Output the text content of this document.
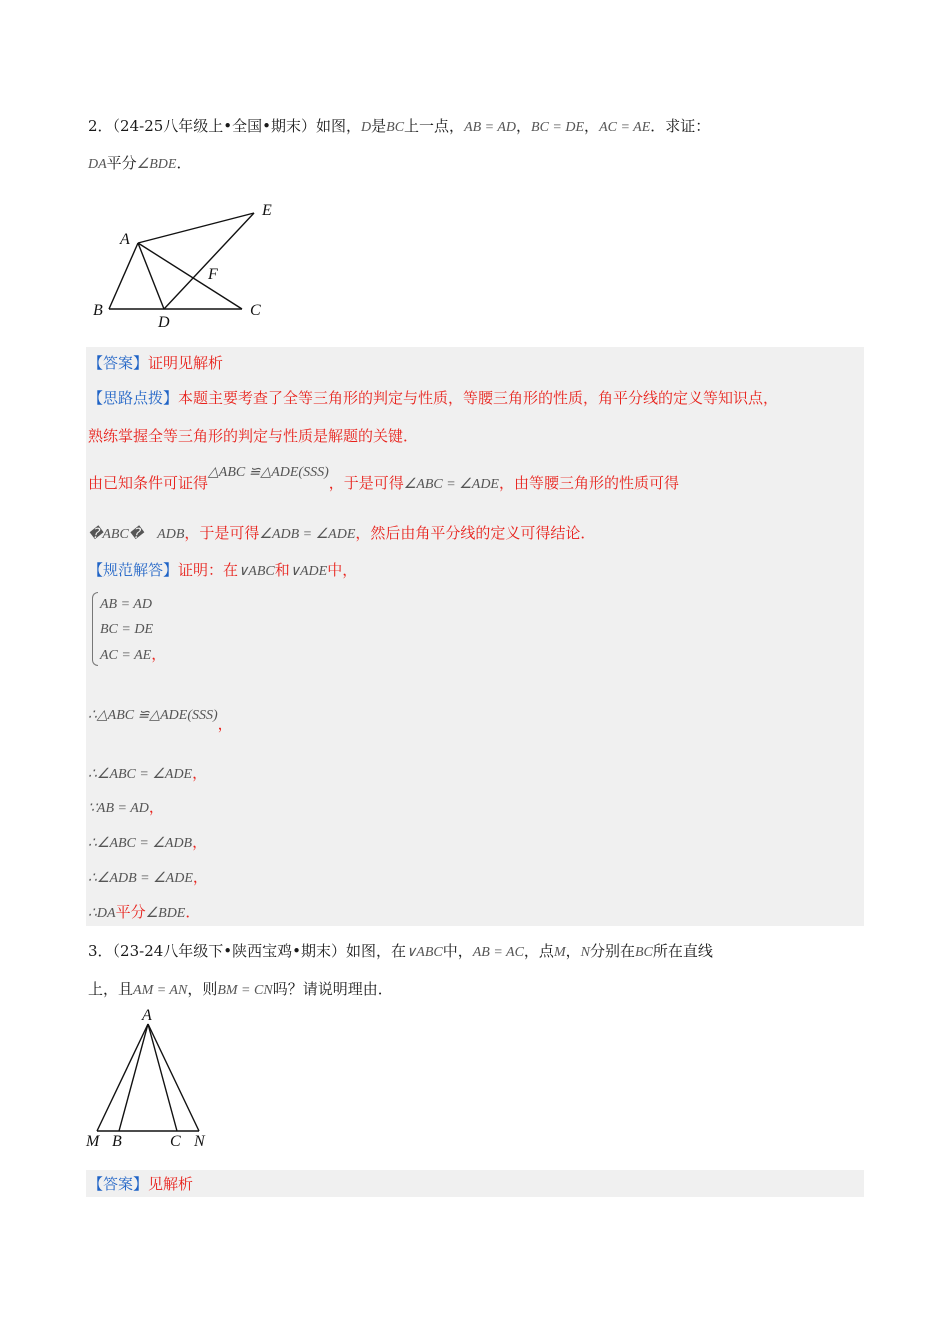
2．（24-25八年级上•全国•期末）如图，D是BC上一点，AB = AD，BC = DE，AC = AE．求证：
DA平分∠BDE．
A
E
F
B
D
C
【答案】证明见解析
【思路点拨】本题主要考查了全等三角形的判定与性质，等腰三角形的性质，角平分线的定义等知识点，
熟练掌握全等三角形的判定与性质是解题的关键．
由已知条件可证得△ABC ≌△ADE(SSS)，于是可得∠ABC = ∠ADE，由等腰三角形的性质可得
�ABC�　ADB，于是可得∠ADB = ∠ADE，然后由角平分线的定义可得结论．
【规范解答】证明：在∨ABC和∨ADE中，
AB = AD
BC = DE
AC = AE，
∴△ABC ≌△ADE(SSS)，
∴∠ABC = ∠ADE，
∵AB = AD，
∴∠ABC = ∠ADB，
∴∠ADB = ∠ADE，
∴DA平分∠BDE．
3．（23-24八年级下•陕西宝鸡•期末）如图，在∨ABC中，AB = AC，点M，N分别在BC所在直线
上，且AM = AN，则BM = CN吗？请说明理由．
A
M B	C N
【答案】见解析
